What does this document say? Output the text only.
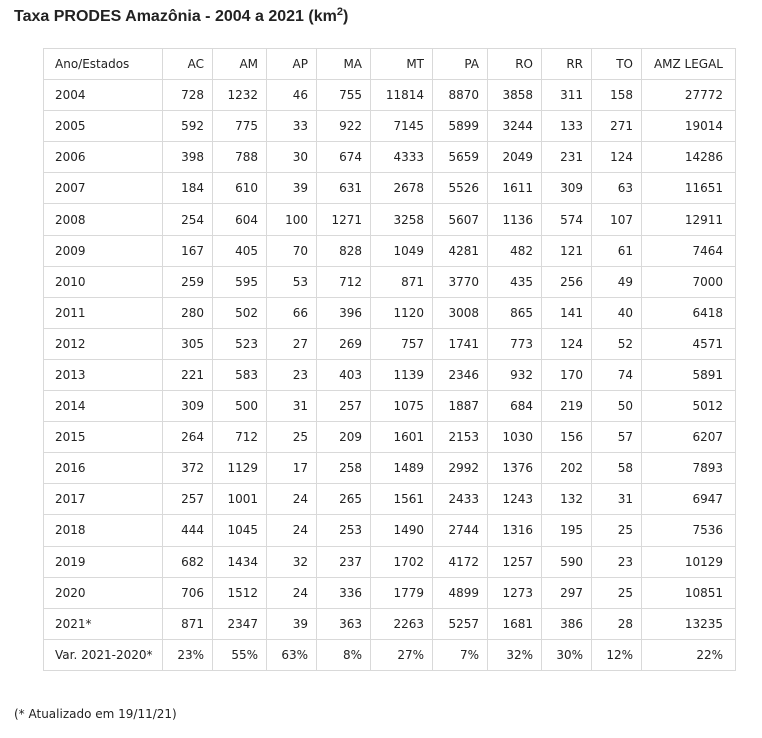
Taxa PRODES Amazônia - 2004 a 2021 $(km^2)$
Ano/Estados	AC	AM	AP	MA	MT	PA	RO	RR	TO	AMZ LEGAL
2004	728	1232	46	755	11814	8870	3858	311	158	27772
2005	592	775	33	922	7145	5899	3244	133	271	19014
2006	398	788	30	674	4333	5659	2049	231	124	14286
2007	184	610	39	631	2678	5526	1611	309	63	11651
2008	254	604	100	1271	3258	5607	1136	574	107	12911
2009	167	405	70	828	1049	4281	482	121	61	7464
2010	259	595	53	712	871	3770	435	256	49	7000
2011	280	502	66	396	1120	3008	865	141	40	6418
2012	305	523	27	269	757	1741	773	124	52	4571
2013	221	583	23	403	1139	2346	932	170	74	5891
2014	309	500	31	257	1075	1887	684	219	50	5012
2015	264	712	25	209	1601	2153	1030	156	57	6207
2016	372	1129	17	258	1489	2992	1376	202	58	7893
2017	257	1001	24	265	1561	2433	1243	132	31	6947
2018	444	1045	24	253	1490	2744	1316	195	25	7536
2019	682	1434	32	237	1702	4172	1257	590	23	10129
2020	706	1512	24	336	1779	4899	1273	297	25	10851
2021*	871	2347	39	363	2263	5257	1681	386	28	13235
Var. 2021-2020*	23%	55%	63%	8%	27%	7%	32%	30%	12%	22%
(* Atualizado em 19/11/21)
